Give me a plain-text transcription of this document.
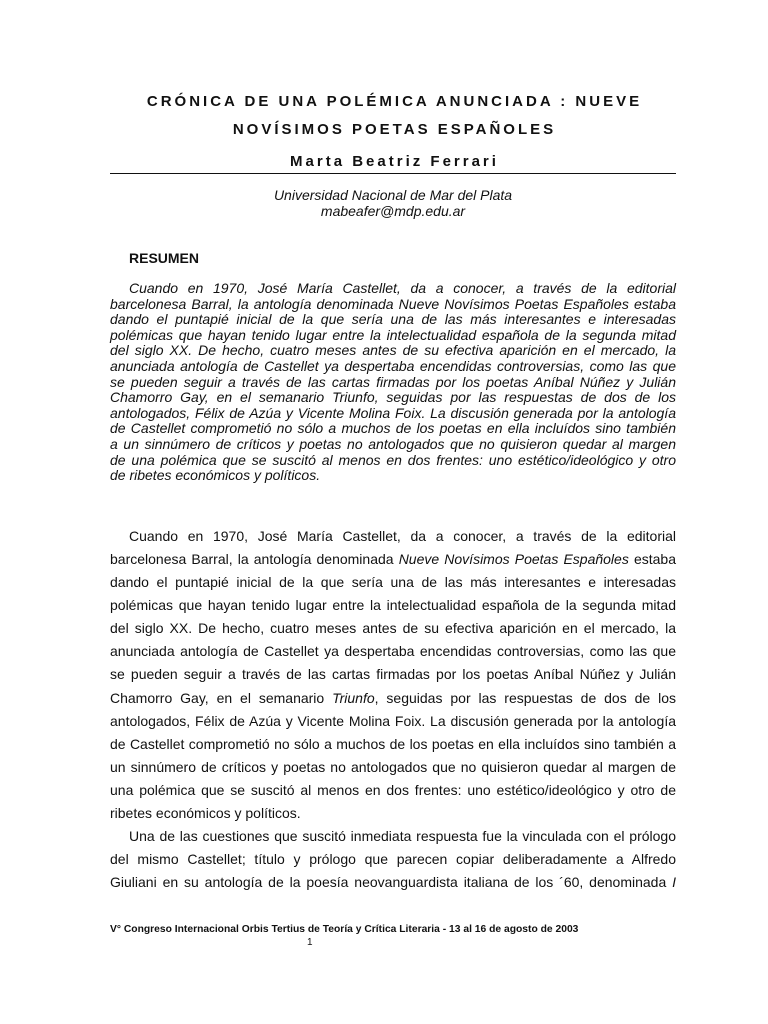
CRÓNICA DE UNA POLÉMICA ANUNCIADA : NUEVE
NOVÍSIMOS POETAS ESPAÑOLES
Marta Beatriz Ferrari
Universidad Nacional de Mar del Plata
mabeafer@mdp.edu.ar
RESUMEN
Cuando en 1970, José María Castellet, da a conocer, a través de la editorial
barcelonesa Barral, la antología denominada Nueve Novísimos Poetas Españoles estaba
dando el puntapié inicial de la que sería una de las más interesantes e interesadas
polémicas que hayan tenido lugar entre la intelectualidad española de la segunda mitad
del siglo XX. De hecho, cuatro meses antes de su efectiva aparición en el mercado, la
anunciada antología de Castellet ya despertaba encendidas controversias, como las que
se pueden seguir a través de las cartas firmadas por los poetas Aníbal Núñez y Julián
Chamorro Gay, en el semanario Triunfo, seguidas por las respuestas de dos de los
antologados, Félix de Azúa y Vicente Molina Foix. La discusión generada por la antología
de Castellet comprometió no sólo a muchos de los poetas en ella incluídos sino también
a un sinnúmero de críticos y poetas no antologados que no quisieron quedar al margen
de una polémica que se suscitó al menos en dos frentes: uno estético/ideológico y otro
de ribetes económicos y políticos.
Cuando en 1970, José María Castellet, da a conocer, a través de la editorial
barcelonesa Barral, la antología denominada Nueve Novísimos Poetas Españoles estaba
dando el puntapié inicial de la que sería una de las más interesantes e interesadas
polémicas que hayan tenido lugar entre la intelectualidad española de la segunda mitad
del siglo XX. De hecho, cuatro meses antes de su efectiva aparición en el mercado, la
anunciada antología de Castellet ya despertaba encendidas controversias, como las que
se pueden seguir a través de las cartas firmadas por los poetas Aníbal Núñez y Julián
Chamorro Gay, en el semanario Triunfo, seguidas por las respuestas de dos de los
antologados, Félix de Azúa y Vicente Molina Foix. La discusión generada por la antología
de Castellet comprometió no sólo a muchos de los poetas en ella incluídos sino también a
un sinnúmero de críticos y poetas no antologados que no quisieron quedar al margen de
una polémica que se suscitó al menos en dos frentes: uno estético/ideológico y otro de
ribetes económicos y políticos.
Una de las cuestiones que suscitó inmediata respuesta fue la vinculada con el prólogo
del mismo Castellet; título y prólogo que parecen copiar deliberadamente a Alfredo
Giuliani en su antología de la poesía neovanguardista italiana de los ´60, denominada I
V° Congreso Internacional Orbis Tertius de Teoría y Crítica Literaria - 13 al 16 de agosto de 2003
1
